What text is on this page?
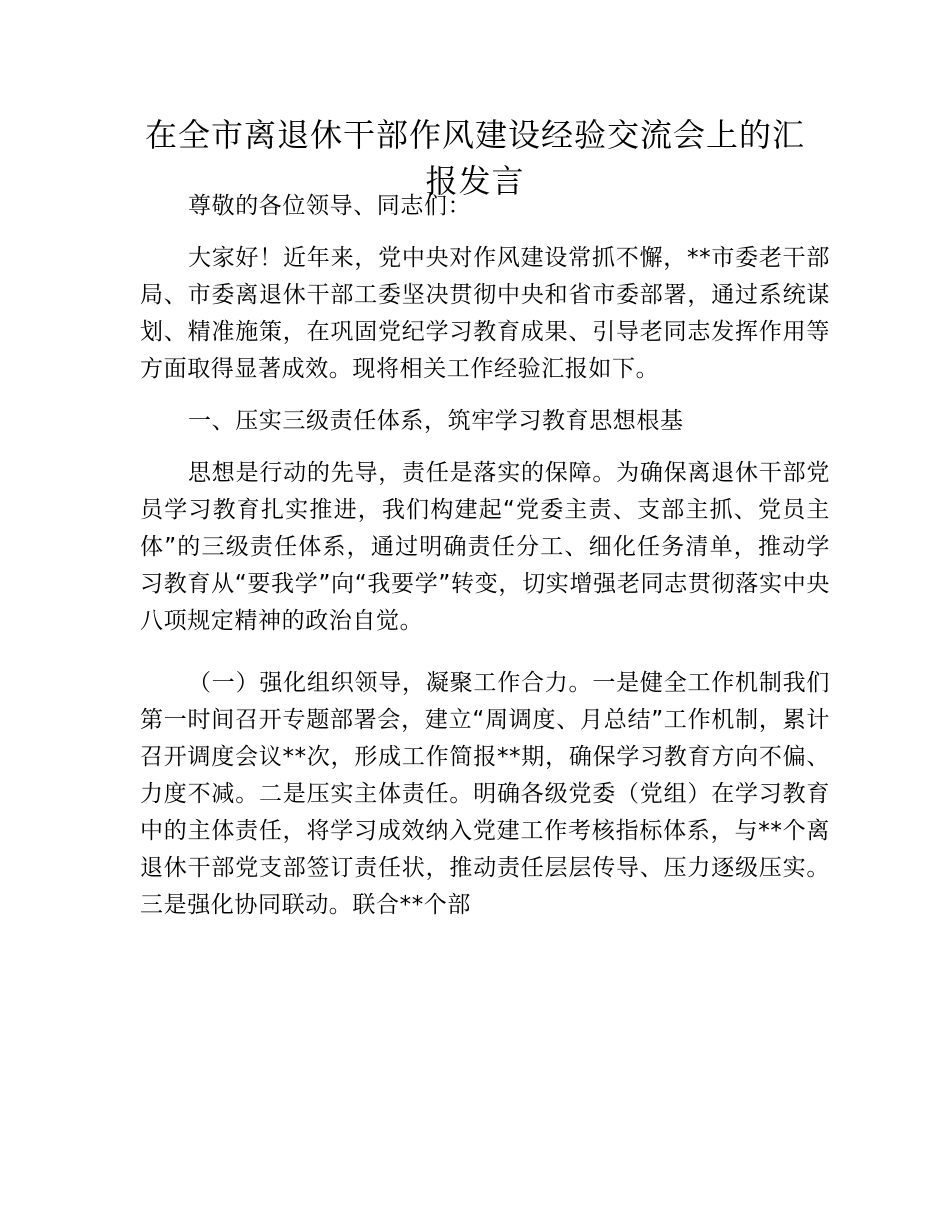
在全市离退休干部作风建设经验交流会上的汇报发言

尊敬的各位领导、同志们：

大家好！近年来，党中央对作风建设常抓不懈，**市委老干部局、市委离退休干部工委坚决贯彻中央和省市委部署，通过系统谋划、精准施策，在巩固党纪学习教育成果、引导老同志发挥作用等方面取得显著成效。现将相关工作经验汇报如下。

一、压实三级责任体系，筑牢学习教育思想根基

思想是行动的先导，责任是落实的保障。为确保离退休干部党员学习教育扎实推进，我们构建起“党委主责、支部主抓、党员主体”的三级责任体系，通过明确责任分工、细化任务清单，推动学习教育从“要我学”向“我要学”转变，切实增强老同志贯彻落实中央八项规定精神的政治自觉。

（一）强化组织领导，凝聚工作合力。一是健全工作机制我们第一时间召开专题部署会，建立“周调度、月总结”工作机制，累计召开调度会议**次，形成工作简报**期，确保学习教育方向不偏、力度不减。二是压实主体责任。明确各级党委（党组）在学习教育中的主体责任，将学习成效纳入党建工作考核指标体系，与**个离退休干部党支部签订责任状，推动责任层层传导、压力逐级压实。三是强化协同联动。联合**个部
